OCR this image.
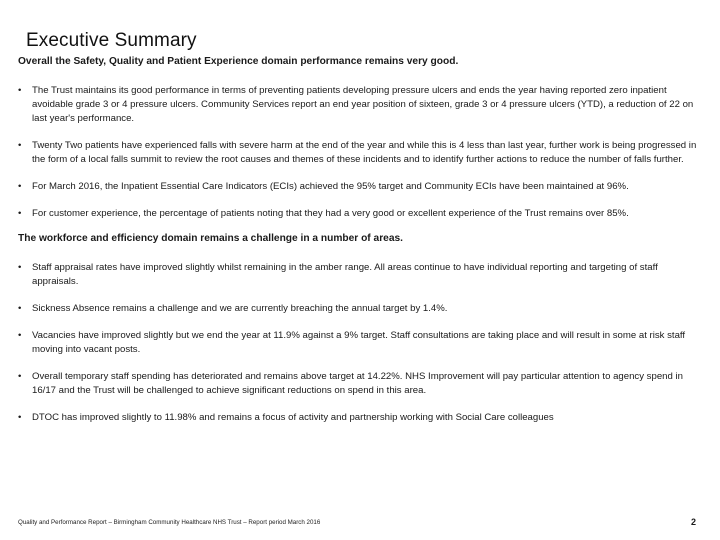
Executive Summary

Overall the Safety, Quality and Patient Experience domain performance remains very good.

• The Trust maintains its good performance in terms of preventing patients developing pressure ulcers and ends the year having reported zero inpatient avoidable grade 3 or 4 pressure ulcers. Community Services report an end year position of sixteen, grade 3 or 4 pressure ulcers (YTD), a reduction of 22 on last year's performance.

• Twenty Two patients have experienced falls with severe harm at the end of the year and while this is 4 less than last year, further work is being progressed in the form of a local falls summit to review the root causes and themes of these incidents and to identify further actions to reduce the number of falls further.

• For March 2016, the Inpatient Essential Care Indicators (ECIs) achieved the 95% target and Community ECIs have been maintained at 96%.

• For customer experience, the percentage of patients noting that they had a very good or excellent experience of the Trust remains over 85%.

The workforce and efficiency domain remains a challenge in a number of areas.

• Staff appraisal rates have improved slightly whilst remaining in the amber range. All areas continue to have individual reporting and targeting of staff appraisals.

• Sickness Absence remains a challenge and we are currently breaching the annual target by 1.4%.

• Vacancies have improved slightly but we end the year at 11.9% against a 9% target. Staff consultations are taking place and will result in some at risk staff moving into vacant posts.

• Overall temporary staff spending has deteriorated and remains above target at 14.22%. NHS Improvement will pay particular attention to agency spend in 16/17 and the Trust will be challenged to achieve significant reductions on spend in this area.

• DTOC has improved slightly to 11.98% and remains a focus of activity and partnership working with Social Care colleagues

Quality and Performance Report – Birmingham Community Healthcare NHS Trust – Report period March 2016	2
